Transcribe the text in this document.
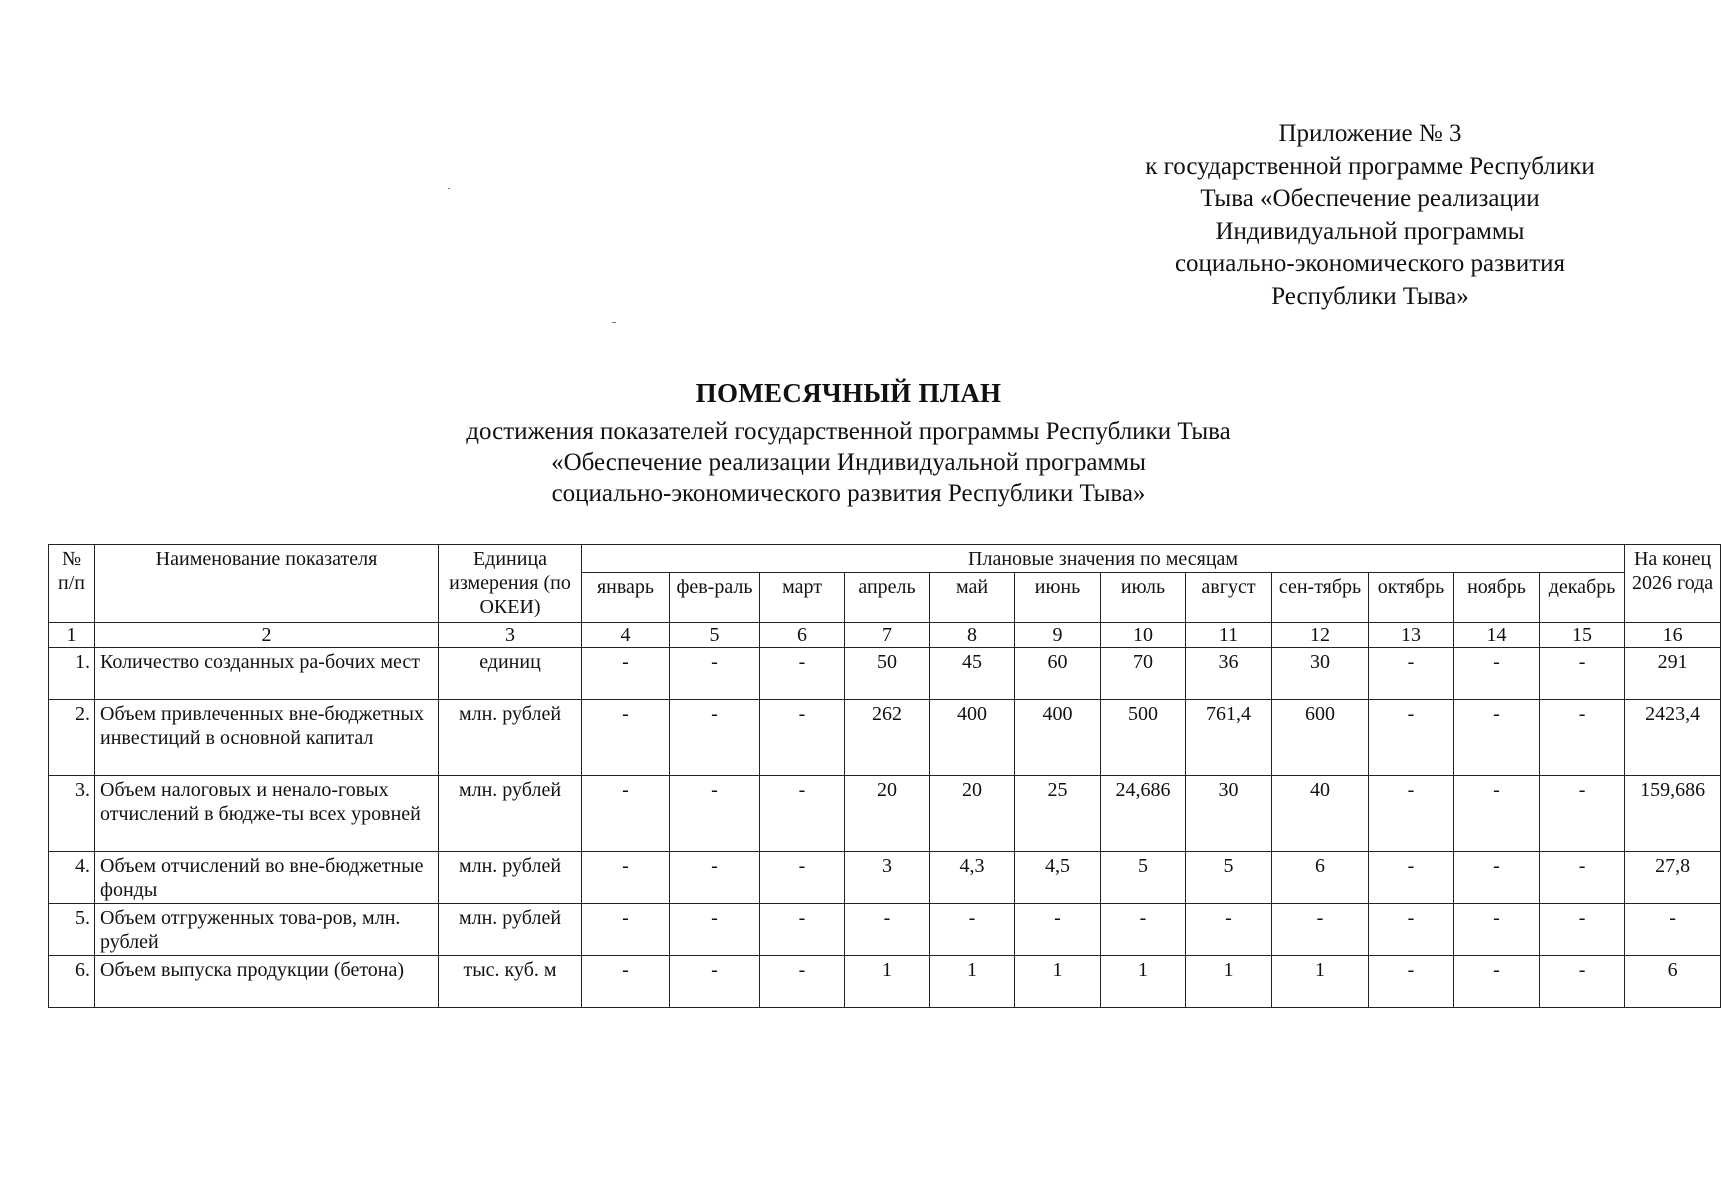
Приложение № 3
к государственной программе Республики
Тыва «Обеспечение реализации
Индивидуальной программы
социально-экономического развития
Республики Тыва»
ПОМЕСЯЧНЫЙ ПЛАН
достижения показателей государственной программы Республики Тыва
«Обеспечение реализации Индивидуальной программы
социально-экономического развития Республики Тыва»
№ п/п	Наименование показателя	Единица измерения (по ОКЕИ)	Плановые значения по месяцам												На конец 2026 года
			январь	фев-раль	март	апрель	май	июнь	июль	август	сен-тябрь	октябрь	ноябрь	декабрь	
1	2	3	4	5	6	7	8	9	10	11	12	13	14	15	16
1.	Количество созданных ра-бочих мест	единиц	-	-	-	50	45	60	70	36	30	-	-	-	291
2.	Объем привлеченных вне-бюджетных инвестиций в основной капитал	млн. рублей	-	-	-	262	400	400	500	761,4	600	-	-	-	2423,4
3.	Объем налоговых и ненало-говых отчислений в бюдже-ты всех уровней	млн. рублей	-	-	-	20	20	25	24,686	30	40	-	-	-	159,686
4.	Объем отчислений во вне-бюджетные фонды	млн. рублей	-	-	-	3	4,3	4,5	5	5	6	-	-	-	27,8
5.	Объем отгруженных това-ров, млн. рублей	млн. рублей	-	-	-	-	-	-	-	-	-	-	-	-	-
6.	Объем выпуска продукции (бетона)	тыс. куб. м	-	-	-	1	1	1	1	1	1	-	-	-	6
